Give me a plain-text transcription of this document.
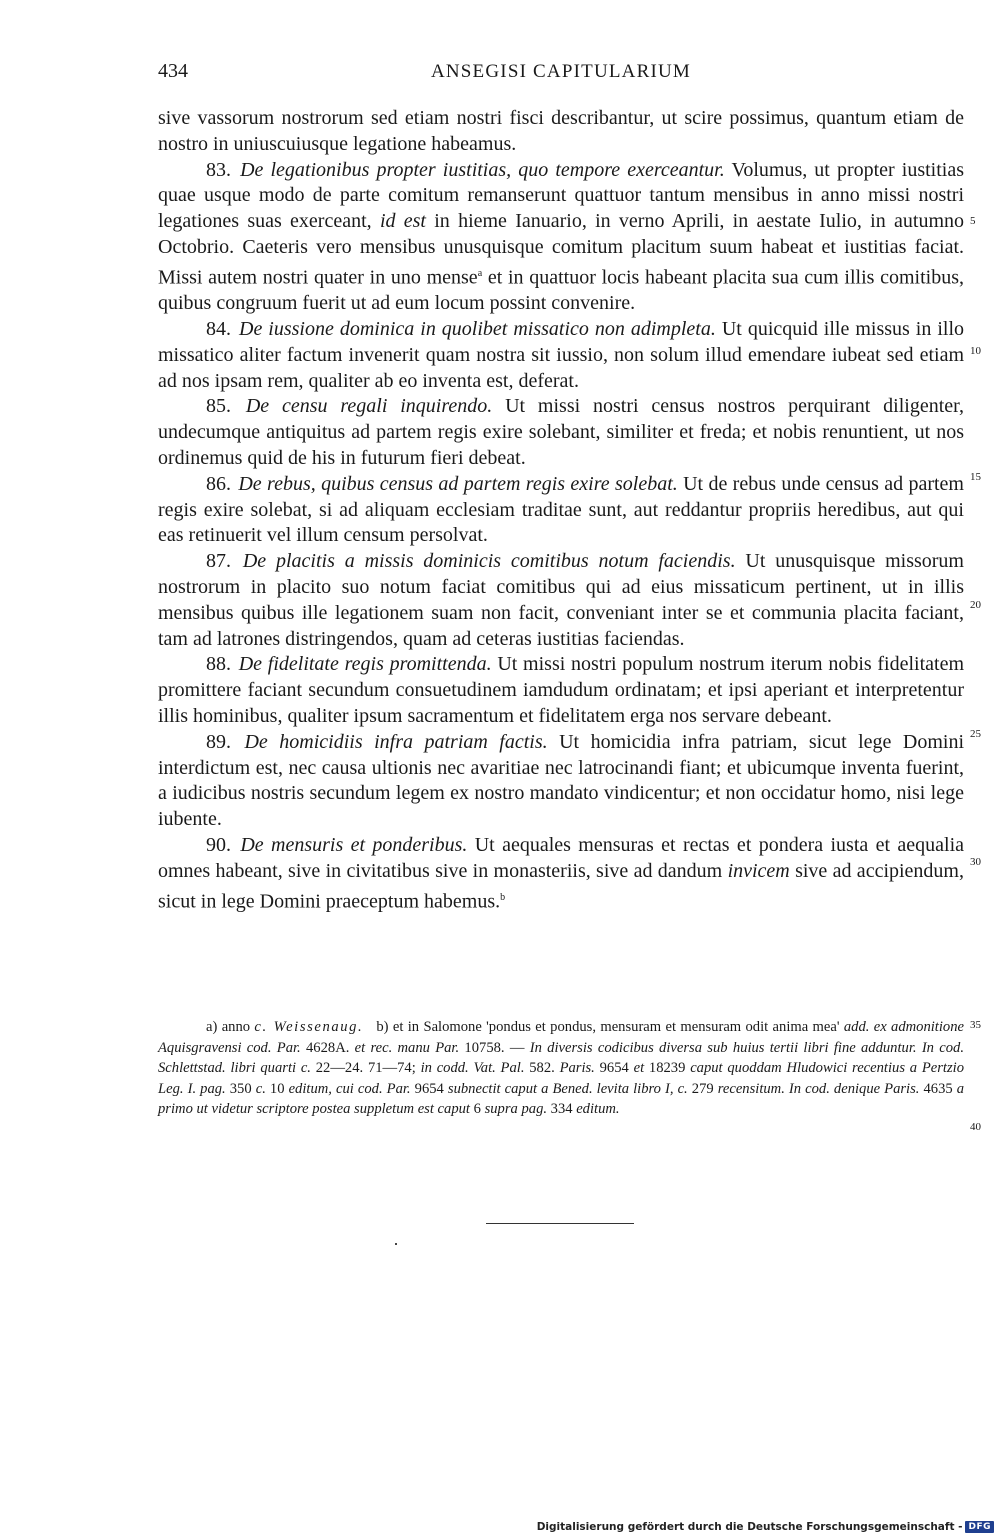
434	ANSEGISI CAPITULARIUM

sive vassorum nostrorum sed etiam nostri fisci describantur, ut scire possimus, quantum etiam de nostro in uniuscuiusque legatione habeamus.

83. De legationibus propter iustitias, quo tempore exerceantur. Volumus, ut propter iustitias quae usque modo de parte comitum remanserunt quattuor tantum mensibus in anno missi nostri legationes suas exerceant, id est in hieme Ianuario, in verno Aprili, in aestate Iulio, in autumno Octobrio. Caeteris vero mensibus unusquisque comitum placitum suum habeat et iustitias faciat. Missi autem nostri quater in uno mense$^a$ et in quattuor locis habeant placita sua cum illis comitibus, quibus congruum fuerit ut ad eum locum possint convenire.

84. De iussione dominica in quolibet missatico non adimpleta. Ut quicquid ille missus in illo missatico aliter factum invenerit quam nostra sit iussio, non solum illud emendare iubeat sed etiam ad nos ipsam rem, qualiter ab eo inventa est, deferat.

85. De censu regali inquirendo. Ut missi nostri census nostros perquirant diligenter, undecumque antiquitus ad partem regis exire solebant, similiter et freda; et nobis renuntient, ut nos ordinemus quid de his in futurum fieri debeat.

86. De rebus, quibus census ad partem regis exire solebat. Ut de rebus unde census ad partem regis exire solebat, si ad aliquam ecclesiam traditae sunt, aut reddantur propriis heredibus, aut qui eas retinuerit vel illum censum persolvat.

87. De placitis a missis dominicis comitibus notum faciendis. Ut unusquisque missorum nostrorum in placito suo notum faciat comitibus qui ad eius missaticum pertinent, ut in illis mensibus quibus ille legationem suam non facit, conveniant inter se et communia placita faciant, tam ad latrones distringendos, quam ad ceteras iustitias faciendas.

88. De fidelitate regis promittenda. Ut missi nostri populum nostrum iterum nobis fidelitatem promittere faciant secundum consuetudinem iamdudum ordinatam; et ipsi aperiant et interpretentur illis hominibus, qualiter ipsum sacramentum et fidelitatem erga nos servare debeant.

89. De homicidiis infra patriam factis. Ut homicidia infra patriam, sicut lege Domini interdictum est, nec causa ultionis nec avaritiae nec latrocinandi fiant; et ubicumque inventa fuerint, a iudicibus nostris secundum legem ex nostro mandato vindicentur; et non occidatur homo, nisi lege iubente.

90. De mensuris et ponderibus. Ut aequales mensuras et rectas et pondera iusta et aequalia omnes habeant, sive in civitatibus sive in monasteriis, sive ad dandum invicem sive ad accipiendum, sicut in lege Domini praeceptum habemus.$^b$

5
10
15
20
25
30
35
40

a) anno c. Weissenaug. b) et in Salomone 'pondus et pondus, mensuram et mensuram odit anima mea' add. ex admonitione Aquisgravensi cod. Par. 4628A. et rec. manu Par. 10758. — In diversis codicibus diversa sub huius tertii libri fine adduntur. In cod. Schlettstad. libri quarti c. 22—24. 71—74; in codd. Vat. Pal. 582. Paris. 9654 et 18239 caput quoddam Hludowici recentius a Pertzio Leg. I. pag. 350 c. 10 editum, cui cod. Par. 9654 subnectit caput a Bened. levita libro I, c. 279 recensitum. In cod. denique Paris. 4635 a primo ut videtur scriptore postea suppletum est caput 6 supra pag. 334 editum.

Digitalisierung gefördert durch die Deutsche Forschungsgemeinschaft - DFG
